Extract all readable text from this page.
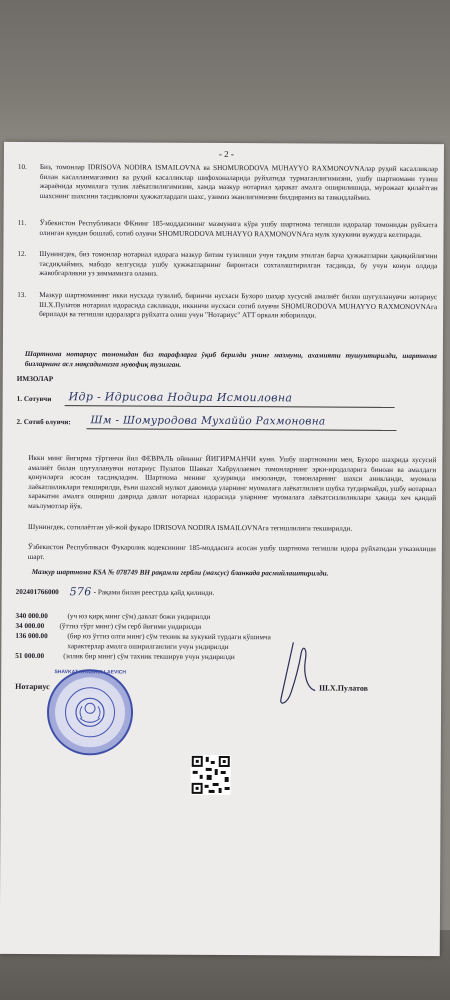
- 2 -
10. Биз, томонлар IDRISOVA NODIRA ISMAILOVNA ва SHOMURODOVA MUHAYYO RAXMONOVNAлар руҳий касалликлар билан касалланмаганмиз ва руҳий касалликлар шифохоналарида руйхатида турмаганлигимизни, ушбу шартномани тузиш жараёнида муомалага тулик лаёкатлилигимизни, хамда мазкур нотариал ҳаракат амалга оширилишида, мурожаат қилаётган шахснинг шахсини тасдикловчи ҳужжатлардаги шахс, узимиз эканлигимизни билдирамиз ва тавкидлаймиз.
11. Ўзбекистон Республикаси ФКнинг 185-моддасининг мазмунига кўра ушбу шартнома тегишли идоралар томонидан руйхатга олинган кундан бошлаб, сотиб олувчи SHOMURODOVA MUHAYYO RAXMONOVNAга мулк хукукини вужудга келтиради.
12. Шунингдек, биз томонлар нотариал идорага мазкур битим тузилиши учун тақдим этилган барча ҳужжатларни ҳақиқийлигини тасдиқлаймиз, мабодо келгусида ушбу ҳужжатларнинг биронтаси сохталаштирилган тасдикда, бу учун конун олдида жавобгарликни уз зиммамизга оламиз.
13. Мазкур шартноманинг икки нусхада тузилиб, биринчи нусхаси Бухоро шаҳар хусусий амалиёт билан шуғулланувчи нотариус Ш.Х.Пулатов нотариал идорасида сакланади, иккинчи нусхаси сотиб олувчи SHOMURODOVA MUHAYYO RAXMONOVNAга берилади ва тегишли идораларга руйхатга олиш учун "Нотариус" АТТ оркали юборилади.
Шартнома нотариус томонидан биз тарафларга ўқиб берилди унинг мазмуни, ахамияти тушунтирилди, шартнома бизларнинг асл мақсадимизга мувофиқ тузилган.
ИМЗОЛАР
1. Сотувчи Идр - Идрисова Нодира Исмоиловна
2. Сотиб олувчи: Шм - Шомуродова Мухаййо Рахмоновна
Икки минг йигирма тўртинчи йил ФЕВРАЛЬ ойининг ЙИГИРМАНЧИ куни. Ушбу шартномани мен, Бухоро шаҳрида хусусий амалиёт билан шуғулланувчи нотариус Пулатов Шавкат Хабруллаевич томонларнинг эрки-иродаларига биноан ва амалдаги қонунларга асосан тасдиқладим. Шартнома менинг ҳузуримда имзоланди, томонларнинг шахси аникланди, муомала лаёкатлиликлари текширилди, ёъни шахсий мулкот давомида уларнинг муомалага лаёкатлилиги шубха туғдирмайди, ушбу нотариал харакатни амалга ошириш даврида давлат нотариал идорасида уларнинг муомалага лаёкатсизлиликлари ҳакида хеч қандай маълумотлар йўк.
Шунингдек, сотилаётган уй-жой фукаро IDRISOVA NODIRA ISMAILOVNAга тегишлилиги текширилди.
Ўзбекистон Республикаси Фукаролик кодексининг 185-моддасига асосан ушбу шартнома тегишли идора руйхатидан утказилиши шарт.
Мазкур шартнома KSA № 078749 ВН рақамли гербли (махсус) бланкада расмийлаштирилди.
202401766000 576 - Рақами билан реестрда қайд қилинди.
340 000.00	(уч юз қирқ минг сўм) давлат божи ундирилди
34 000.00 (ўттиз тўрт минг) сўм герб йиғими ундирилди
136 000.00	(бир юз ўттиз олти минг) сўм техник ва хукукий турдаги кўшимча характерлар амалга оширилганлиги учун ундирилди
51 000.00	(эллик бир минг) сўм тахник текширув учун ундирилди
Нотариус
SHAVKAT KHABRULLAEVICH
Ш.Х.Пулатов
